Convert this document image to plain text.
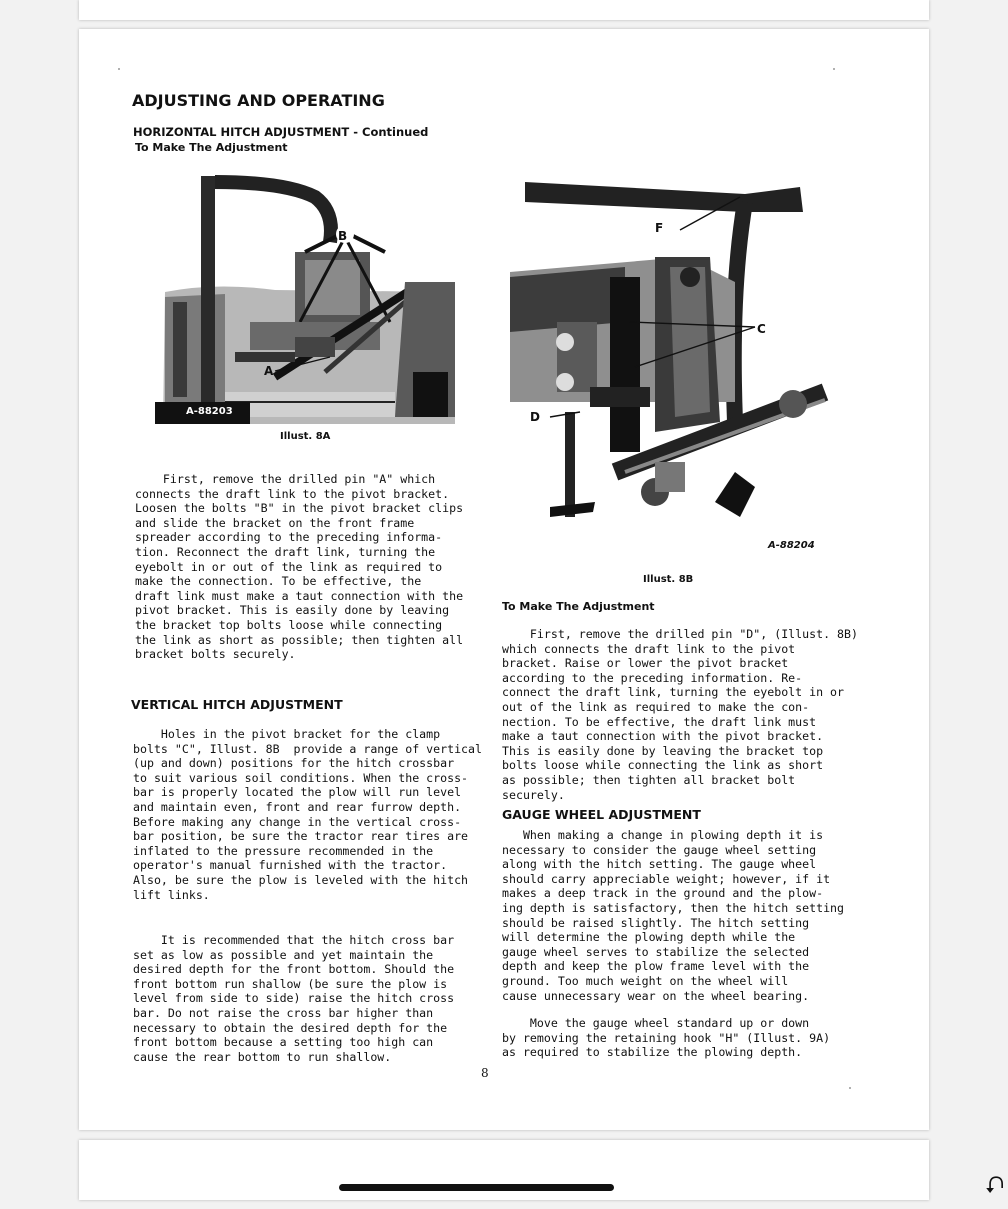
ADJUSTING AND OPERATING
HORIZONTAL HITCH ADJUSTMENT - Continued
To Make The Adjustment
A-88203
B
A
Illust. 8A
F
C
D
A-88204
Illust. 8B
First, remove the drilled pin "A" which
connects the draft link to the pivot bracket.
Loosen the bolts "B" in the pivot bracket clips
and slide the bracket on the front frame
spreader according to the preceding informa-
tion. Reconnect the draft link, turning the
eyebolt in or out of the link as required to
make the connection. To be effective, the
draft link must make a taut connection with the
pivot bracket. This is easily done by leaving
the bracket top bolts loose while connecting
the link as short as possible; then tighten all
bracket bolts securely.
VERTICAL HITCH ADJUSTMENT
Holes in the pivot bracket for the clamp
bolts "C", Illust. 8B  provide a range of vertical
(up and down) positions for the hitch crossbar
to suit various soil conditions. When the cross-
bar is properly located the plow will run level
and maintain even, front and rear furrow depth.
Before making any change in the vertical cross-
bar position, be sure the tractor rear tires are
inflated to the pressure recommended in the
operator's manual furnished with the tractor.
Also, be sure the plow is leveled with the hitch
lift links.
It is recommended that the hitch cross bar
set as low as possible and yet maintain the
desired depth for the front bottom. Should the
front bottom run shallow (be sure the plow is
level from side to side) raise the hitch cross
bar. Do not raise the cross bar higher than
necessary to obtain the desired depth for the
front bottom because a setting too high can
cause the rear bottom to run shallow.
To Make The Adjustment
First, remove the drilled pin "D", (Illust. 8B)
which connects the draft link to the pivot
bracket. Raise or lower the pivot bracket
according to the preceding information. Re-
connect the draft link, turning the eyebolt in or
out of the link as required to make the con-
nection. To be effective, the draft link must
make a taut connection with the pivot bracket.
This is easily done by leaving the bracket top
bolts loose while connecting the link as short
as possible; then tighten all bracket bolt
securely.
GAUGE WHEEL ADJUSTMENT
When making a change in plowing depth it is
necessary to consider the gauge wheel setting
along with the hitch setting. The gauge wheel
should carry appreciable weight; however, if it
makes a deep track in the ground and the plow-
ing depth is satisfactory, then the hitch setting
should be raised slightly. The hitch setting
will determine the plowing depth while the
gauge wheel serves to stabilize the selected
depth and keep the plow frame level with the
ground. Too much weight on the wheel will
cause unnecessary wear on the wheel bearing.
Move the gauge wheel standard up or down
by removing the retaining hook "H" (Illust. 9A)
as required to stabilize the plowing depth.
8
⮏
